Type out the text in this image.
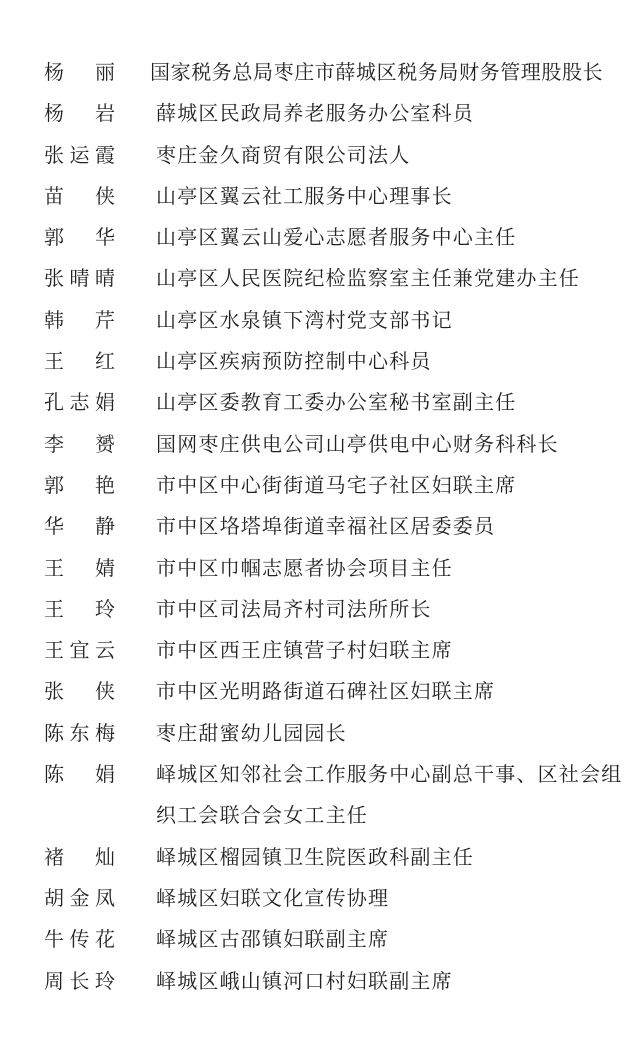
杨　丽 国家税务总局枣庄市薛城区税务局财务管理股股长
杨　岩 薛城区民政局养老服务办公室科员
张运霞 枣庄金久商贸有限公司法人
苗　侠 山亭区翼云社工服务中心理事长
郭　华 山亭区翼云山爱心志愿者服务中心主任
张晴晴 山亭区人民医院纪检监察室主任兼党建办主任
韩　芹 山亭区水泉镇下湾村党支部书记
王　红 山亭区疾病预防控制中心科员
孔志娟 山亭区委教育工委办公室秘书室副主任
李　赟 国网枣庄供电公司山亭供电中心财务科科长
郭　艳 市中区中心街街道马宅子社区妇联主席
华　静 市中区垎塔埠街道幸福社区居委委员
王　婧 市中区巾帼志愿者协会项目主任
王　玲 市中区司法局齐村司法所所长
王宜云 市中区西王庄镇营子村妇联主席
张　侠 市中区光明路街道石碑社区妇联主席
陈东梅 枣庄甜蜜幼儿园园长
陈　娟 峄城区知邻社会工作服务中心副总干事、区社会组织工会联合会女工主任
褚　灿 峄城区榴园镇卫生院医政科副主任
胡金凤 峄城区妇联文化宣传协理
牛传花 峄城区古邵镇妇联副主席
周长玲 峄城区峨山镇河口村妇联副主席
